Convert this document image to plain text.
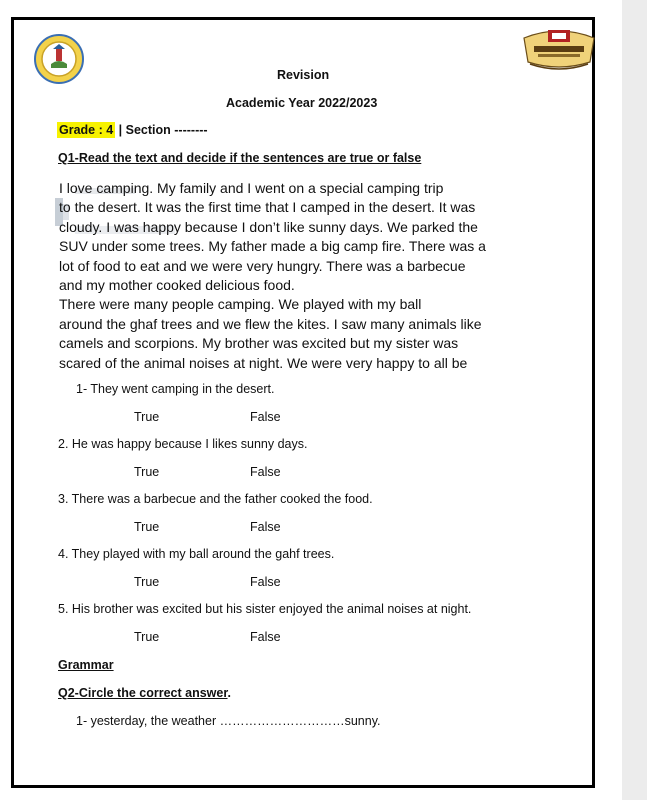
Revision
Academic Year 2022/2023
Grade : 4 | Section --------
Q1-Read the text and decide if the sentences are true or false
I love camping. My family and I went on a special camping trip
to the desert. It was the first time that I camped in the desert. It was
cloudy. I was happy because I don’t like sunny days. We parked the
SUV under some trees. My father made a big camp fire. There was a
lot of food to eat and we were very hungry. There was a barbecue
and my mother cooked delicious food.
There were many people camping. We played with my ball
around the ghaf trees and we flew the kites. I saw many animals like
camels and scorpions. My brother was excited but my sister was
scared of the animal noises at night. We were very happy to all be
1- They went camping in the desert.
True	False
2. He was happy because I likes sunny days.
True	False
3. There was a barbecue and the father cooked the food.
True	False
4. They played with my ball around the gahf trees.
True	False
5. His brother was excited but his sister enjoyed the animal noises at night.
True	False
Grammar
Q2-Circle the correct answer.
1- yesterday, the weather …………………………sunny.
